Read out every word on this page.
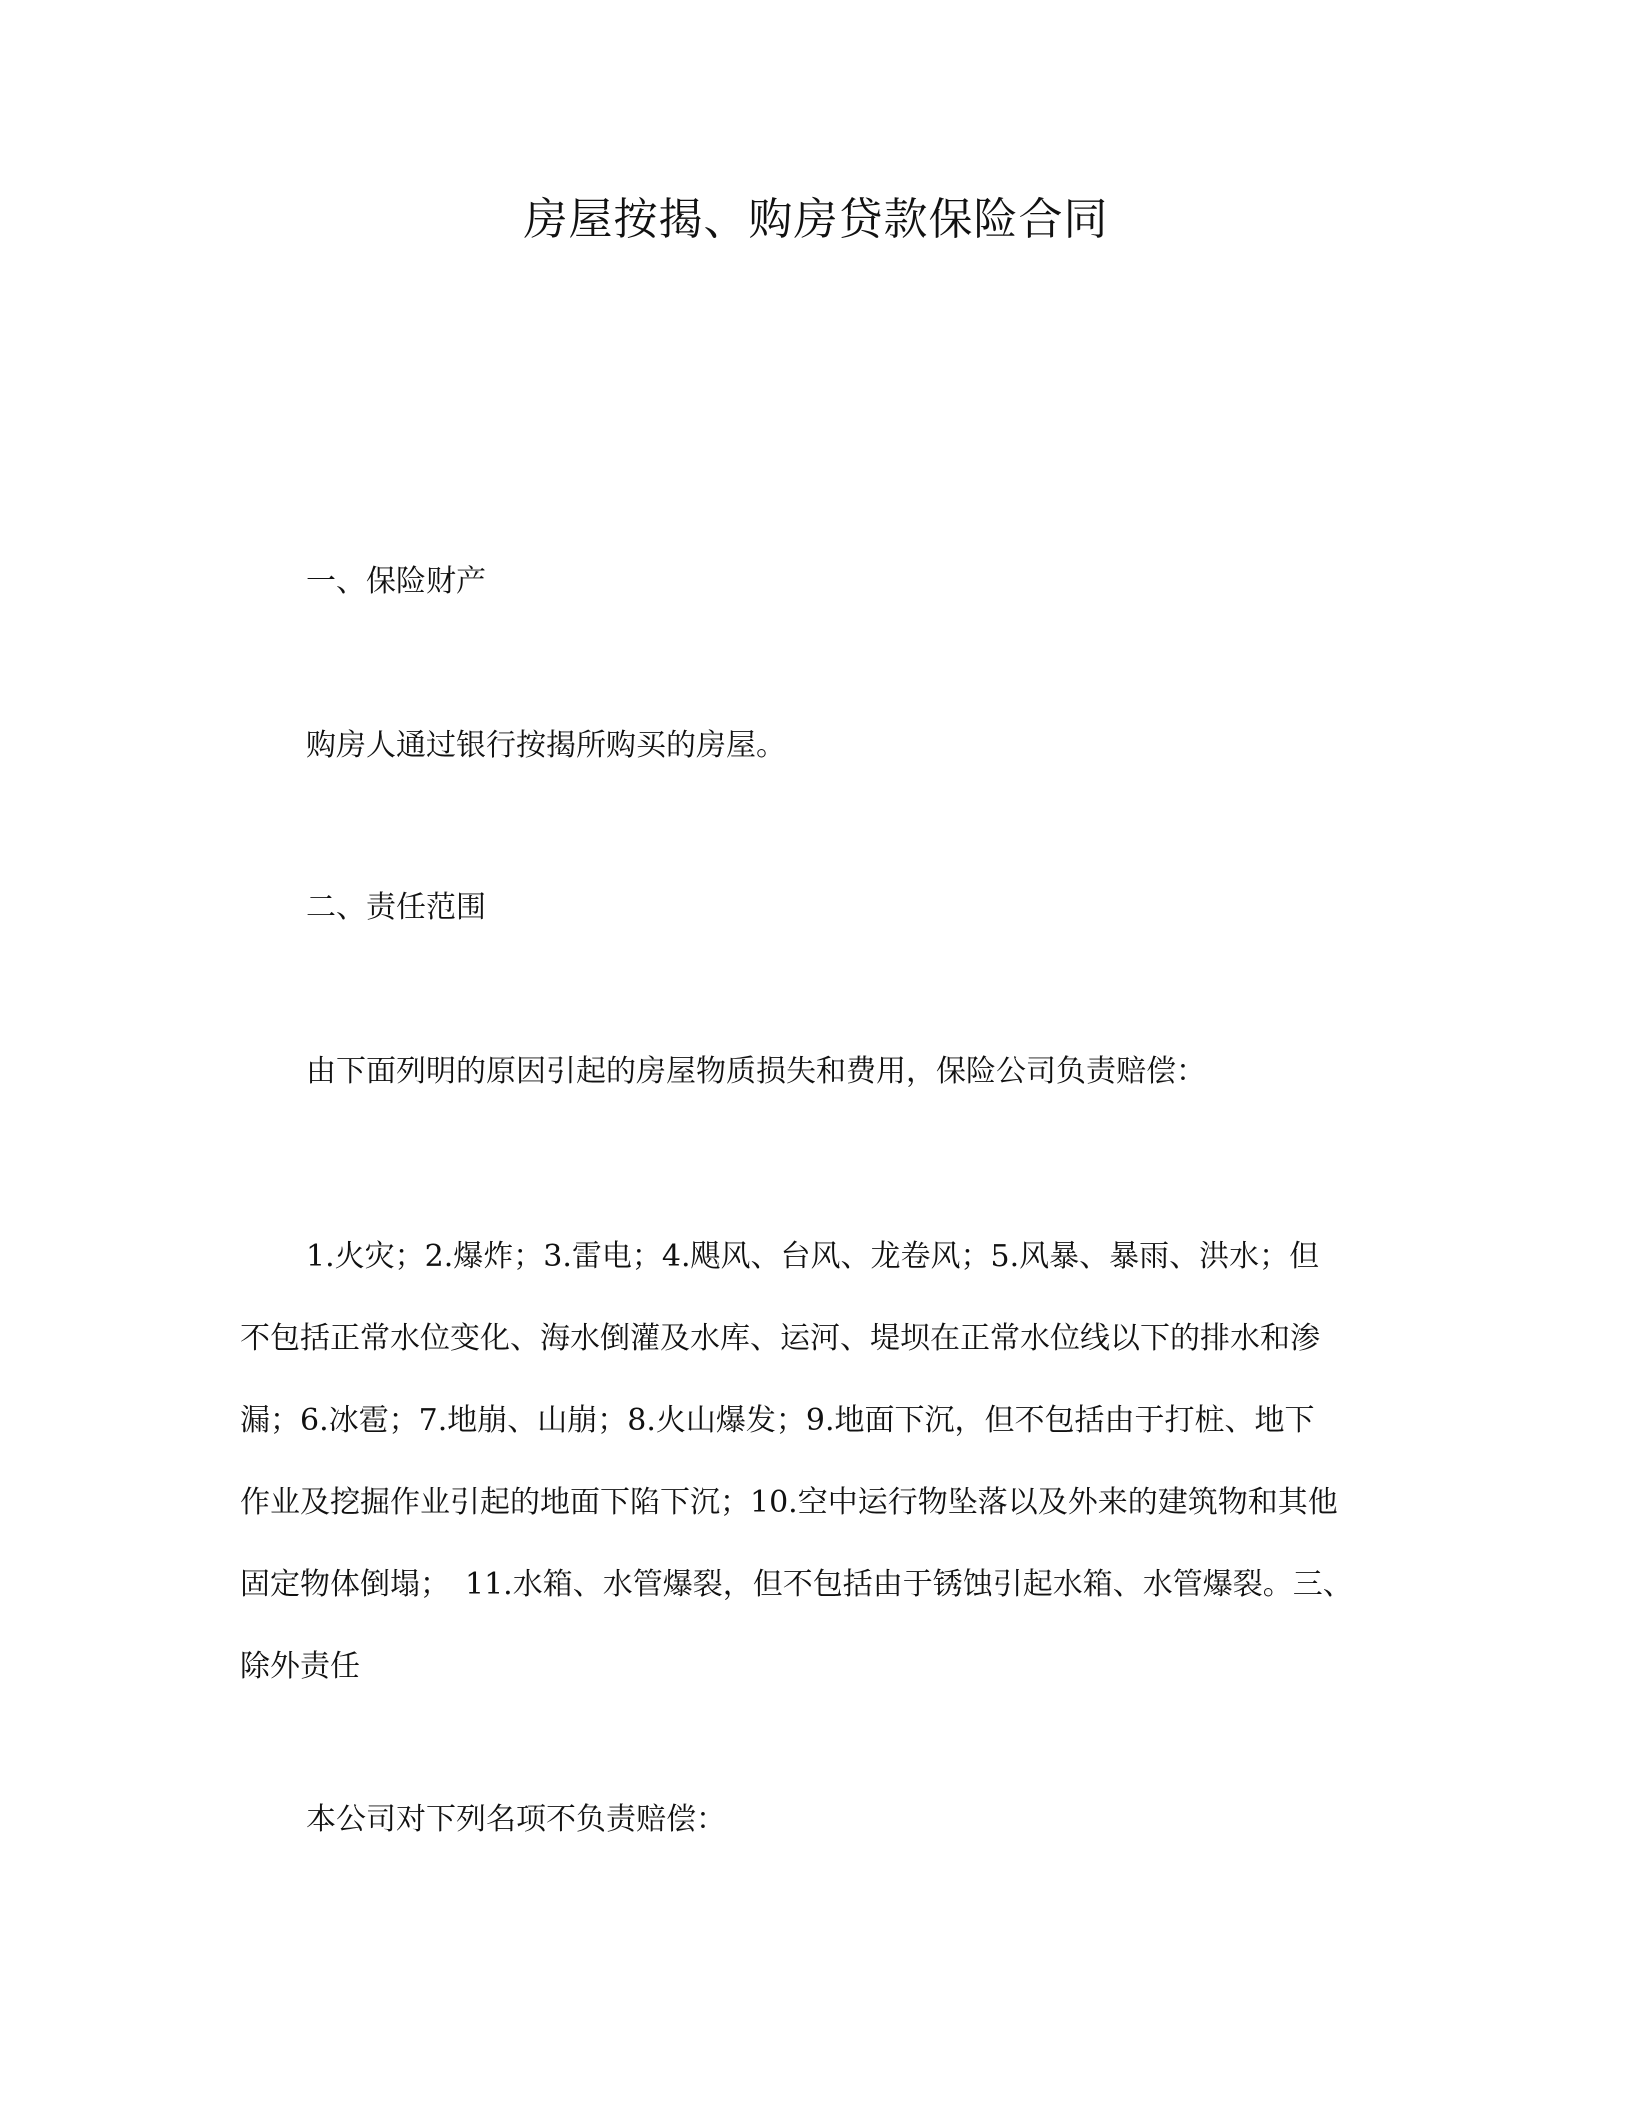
房屋按揭、购房贷款保险合同
一、保险财产
购房人通过银行按揭所购买的房屋。
二、责任范围
由下面列明的原因引起的房屋物质损失和费用，保险公司负责赔偿：
1.火灾；2.爆炸；3.雷电；4.飓风、台风、龙卷风；5.风暴、暴雨、洪水；但
不包括正常水位变化、海水倒灌及水库、运河、堤坝在正常水位线以下的排水和渗
漏；6.冰雹；7.地崩、山崩；8.火山爆发；9.地面下沉，但不包括由于打桩、地下
作业及挖掘作业引起的地面下陷下沉；10.空中运行物坠落以及外来的建筑物和其他
固定物体倒塌；　11.水箱、水管爆裂，但不包括由于锈蚀引起水箱、水管爆裂。三、
除外责任
本公司对下列名项不负责赔偿：
